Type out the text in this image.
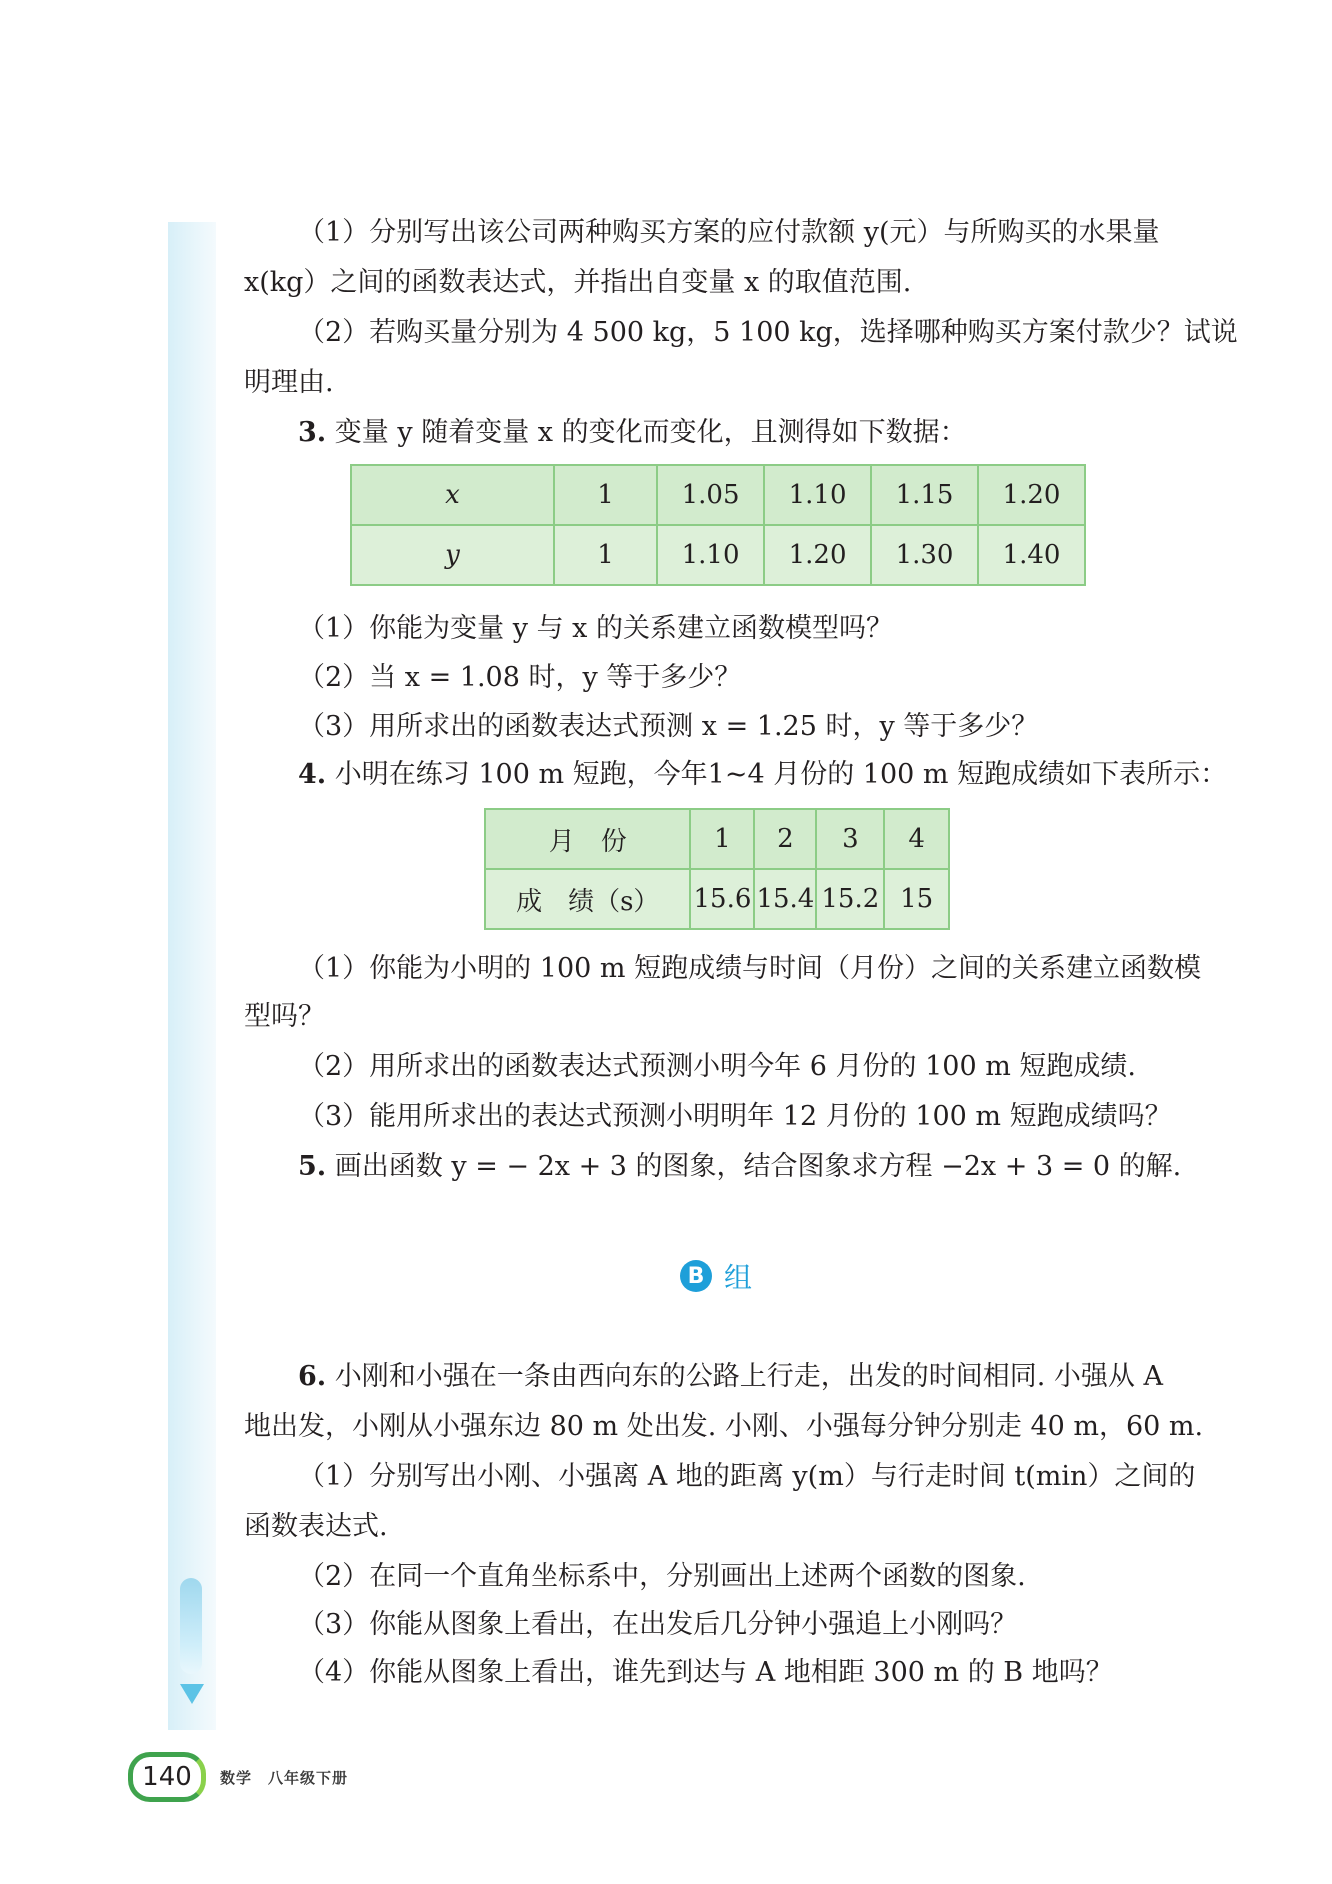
（1）分别写出该公司两种购买方案的应付款额 y(元）与所购买的水果量
x(kg）之间的函数表达式，并指出自变量 x 的取值范围.
（2）若购买量分别为 4 500 kg，5 100 kg，选择哪种购买方案付款少？试说
明理由.
3. 变量 y 随着变量 x 的变化而变化，且测得如下数据：
x	1	1.05	1.10	1.15	1.20
y	1	1.10	1.20	1.30	1.40
（1）你能为变量 y 与 x 的关系建立函数模型吗？
（2）当 x = 1.08 时，y 等于多少？
（3）用所求出的函数表达式预测 x = 1.25 时，y 等于多少？
4. 小明在练习 100 m 短跑，今年1~4 月份的 100 m 短跑成绩如下表所示：
月　份	1	2	3	4
成　绩（s）	15.6	15.4	15.2	15
（1）你能为小明的 100 m 短跑成绩与时间（月份）之间的关系建立函数模
型吗？
（2）用所求出的函数表达式预测小明今年 6 月份的 100 m 短跑成绩.
（3）能用所求出的表达式预测小明明年 12 月份的 100 m 短跑成绩吗？
5. 画出函数 y = − 2x + 3 的图象，结合图象求方程 −2x + 3 = 0 的解.
B 组
6. 小刚和小强在一条由西向东的公路上行走，出发的时间相同. 小强从 A
地出发，小刚从小强东边 80 m 处出发. 小刚、小强每分钟分别走 40 m，60 m.
（1）分别写出小刚、小强离 A 地的距离 y(m）与行走时间 t(min）之间的
函数表达式.
（2）在同一个直角坐标系中，分别画出上述两个函数的图象.
（3）你能从图象上看出，在出发后几分钟小强追上小刚吗？
（4）你能从图象上看出，谁先到达与 A 地相距 300 m 的 B 地吗？
140	数学　八年级下册
